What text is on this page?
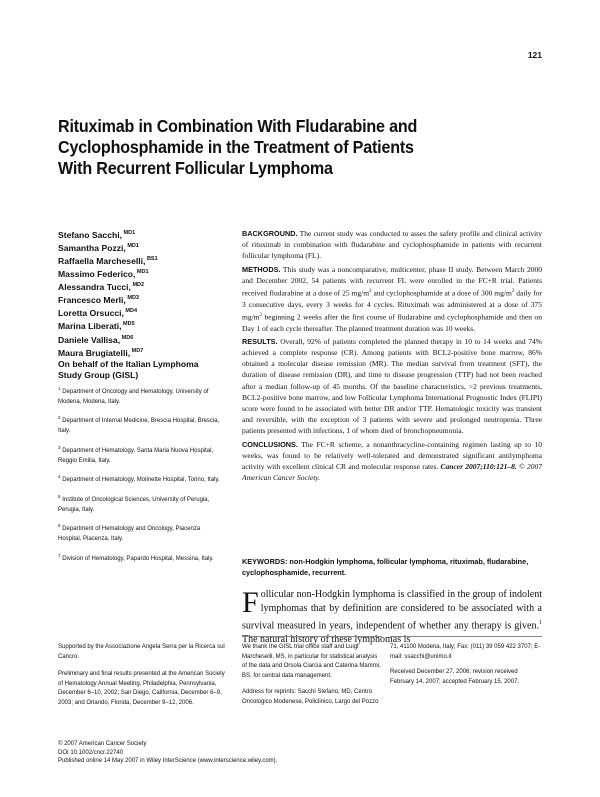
121
Rituximab in Combination With Fludarabine and
Cyclophosphamide in the Treatment of Patients
With Recurrent Follicular Lymphoma
Stefano Sacchi, $^{MD1}$
Samantha Pozzi, $^{MD1}$
Raffaella Marcheselli, $^{BS1}$
Massimo Federico, $^{MD1}$
Alessandra Tucci, $^{MD2}$
Francesco Merli, $^{MD3}$
Loretta Orsucci, $^{MD4}$
Marina Liberati, $^{MD5}$
Daniele Vallisa, $^{MD6}$
Maura Brugiatelli, $^{MD7}$
On behalf of the Italian Lymphoma
Study Group (GISL)
$^1$ Department of Oncology and Hematology, University of Modena, Modena, Italy.
$^2$ Department of Internal Medicine, Brescia Hospital, Brescia, Italy.
$^3$ Department of Hematology, Santa Maria Nuova Hospital, Reggio Emilia, Italy.
$^4$ Department of Hematology, Molinette Hospital, Torino, Italy.
$^5$ Institute of Oncological Sciences, University of Perugia, Perugia, Italy.
$^6$ Department of Hematology and Oncology, Piacenza Hospital, Piacenza, Italy.
$^7$ Division of Hematology, Papardo Hospital, Messina, Italy.

BACKGROUND. The current study was conducted to asses the safety profile and clinical activity of rituximab in combination with fludarabine and cyclophosphamide in patients with recurrent follicular lymphoma (FL).

METHODS. This study was a noncomparative, multicenter, phase II study. Between March 2000 and December 2002, 54 patients with recurrent FL were enrolled in the FC+R trial. Patients received fludarabine at a dose of 25 $mg/m^2$ and cyclophosphamide at a dose of 300 $mg/m^2$ daily for 3 consecutive days, every 3 weeks for 4 cycles. Rituximab was administered at a dose of 375 $mg/m^2$ beginning 2 weeks after the first course of fludarabine and cyclophosphamide and then on Day 1 of each cycle thereafter. The planned treatment duration was 10 weeks.

RESULTS. Overall, 92% of patients completed the planned therapy in 10 to 14 weeks and 74% achieved a complete response (CR). Among patients with BCL2-positive bone marrow, 86% obtained a molecular disease remission (MR). The median survival from treatment (SFT), the duration of disease remission (DR), and time to disease progression (TTP) had not been reached after a median follow-up of 45 months. Of the baseline characteristics, >2 previous treatments, BCL2-positive bone marrow, and low Follicular Lymphoma International Prognostic Index (FLIPI) score were found to be associated with better DR and/or TTP. Hematologic toxicity was transient and reversible, with the exception of 3 patients with severe and prolonged neutropenia. Three patients presented with infections, 1 of whom died of bronchopneumonia.

CONCLUSIONS. The FC+R scheme, a nonanthracycline-containing regimen lasting up to 10 weeks, was found to be relatively well-tolerated and demonstrated significant antilymphoma activity with excellent clinical CR and molecular response rates. Cancer 2007;110:121–8. © 2007 American Cancer Society.

KEYWORDS: non-Hodgkin lymphoma, follicular lymphoma, rituximab, fludarabine, cyclophosphamide, recurrent.
Follicular non-Hodgkin lymphoma is classified in the group of indolent lymphomas that by definition are considered to be associated with a survival measured in years, independent of whether any therapy is given.$^1$ The natural history of these lymphomas is

Supported by the Associazione Angela Serra per la Ricerca sul Cancro.

Preliminary and final results presented at the American Society of Hematology Annual Meeting, Philadelphia, Pennsylvania, December 6–10, 2002; San Diego, California, December 6–9, 2003; and Orlando, Florida, December 9–12, 2006.

We thank the GISL trial office staff and Luigi Marcheselli, MS, in particular for statistical analysis of the data and Orsola Ciarcia and Caterina Mammi, BS, for central data management.

Address for reprints: Sacchi Stefano, MD, Centro Oncologico Modenese, Policlinico, Largo del Pozzo

71, 41100 Modena, Italy; Fax: (011) 39 059 422 3707; E-mail: ssacchi@unimo.it

Received December 27, 2006; revision received February 14, 2007; accepted February 15, 2007.

© 2007 American Cancer Society
DOI 10.1002/cncr.22740
Published online 14 May 2007 in Wiley InterScience (www.interscience.wiley.com).
